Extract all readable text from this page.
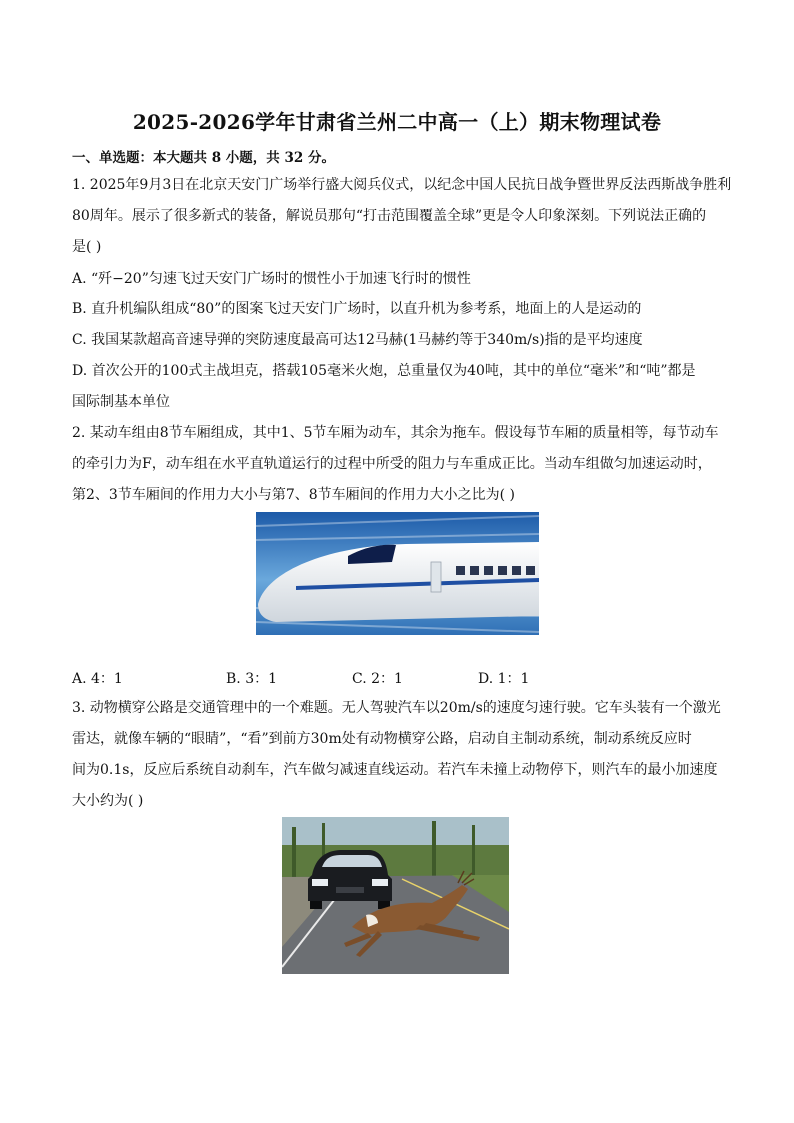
2025-2026学年甘肃省兰州二中高一（上）期末物理试卷
一、单选题：本大题共 8 小题，共 32 分。
1. 2025年9月3日在北京天安门广场举行盛大阅兵仪式，以纪念中国人民抗日战争暨世界反法西斯战争胜利
80周年。展示了很多新式的装备，解说员那句“打击范围覆盖全球”更是令人印象深刻。下列说法正确的
是( )
A. “歼−20”匀速飞过天安门广场时的惯性小于加速飞行时的惯性
B. 直升机编队组成“80”的图案飞过天安门广场时，以直升机为参考系，地面上的人是运动的
C. 我国某款超高音速导弹的突防速度最高可达12马赫(1马赫约等于340m/s)指的是平均速度
D. 首次公开的100式主战坦克，搭载105毫米火炮，总重量仅为40吨，其中的单位“毫米”和“吨”都是
国际制基本单位
2. 某动车组由8节车厢组成，其中1、5节车厢为动车，其余为拖车。假设每节车厢的质量相等，每节动车
的牵引力为F，动车组在水平直轨道运行的过程中所受的阻力与车重成正比。当动车组做匀加速运动时，
第2、3节车厢间的作用力大小与第7、8节车厢间的作用力大小之比为( )
A. 4：1	B. 3：1	C. 2：1	D. 1：1
3. 动物横穿公路是交通管理中的一个难题。无人驾驶汽车以20m/s的速度匀速行驶。它车头装有一个激光
雷达，就像车辆的“眼睛”，“看”到前方30m处有动物横穿公路，启动自主制动系统，制动系统反应时
间为0.1s，反应后系统自动刹车，汽车做匀减速直线运动。若汽车未撞上动物停下，则汽车的最小加速度
大小约为( )
